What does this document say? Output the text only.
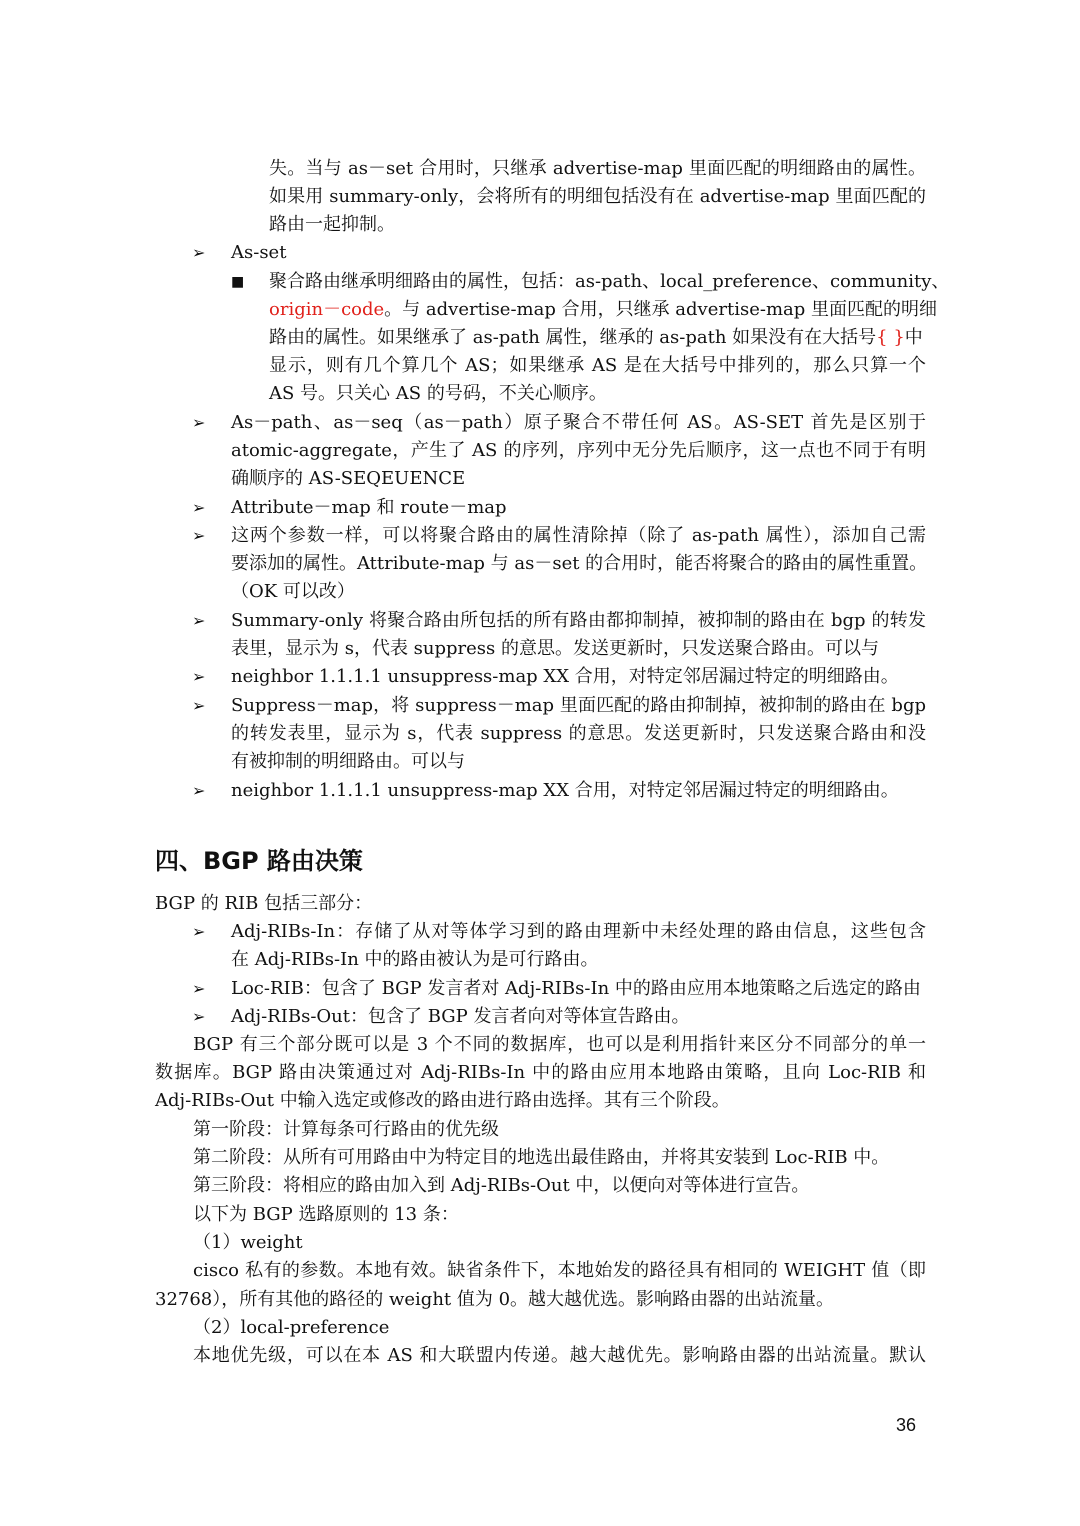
失。当与 as－set 合用时，只继承 advertise-map 里面匹配的明细路由的属性。
如果用 summary-only，会将所有的明细包括没有在 advertise-map 里面匹配的
路由一起抑制。
➢ As-set
■ 聚合路由继承明细路由的属性，包括：as-path、local_preference、community、
origin－code。与 advertise-map 合用，只继承 advertise-map 里面匹配的明细
路由的属性。如果继承了 as-path 属性，继承的 as-path 如果没有在大括号{ }中
显示，则有几个算几个 AS；如果继承 AS 是在大括号中排列的，那么只算一个
AS 号。只关心 AS 的号码，不关心顺序。
➢ As－path、as－seq（as－path）原子聚合不带任何 AS。AS-SET 首先是区别于
atomic-aggregate，产生了 AS 的序列，序列中无分先后顺序，这一点也不同于有明
确顺序的 AS-SEQEUENCE
➢ Attribute－map 和 route－map
➢ 这两个参数一样，可以将聚合路由的属性清除掉（除了 as-path 属性），添加自己需
要添加的属性。Attribute-map 与 as－set 的合用时，能否将聚合的路由的属性重置。
（OK 可以改）
➢ Summary-only 将聚合路由所包括的所有路由都抑制掉，被抑制的路由在 bgp 的转发
表里，显示为 s，代表 suppress 的意思。发送更新时，只发送聚合路由。可以与
➢ neighbor 1.1.1.1 unsuppress-map XX 合用，对特定邻居漏过特定的明细路由。
➢ Suppress－map，将 suppress－map 里面匹配的路由抑制掉，被抑制的路由在 bgp
的转发表里，显示为 s，代表 suppress 的意思。发送更新时，只发送聚合路由和没
有被抑制的明细路由。可以与
➢ neighbor 1.1.1.1 unsuppress-map XX 合用，对特定邻居漏过特定的明细路由。
四、BGP 路由决策
BGP 的 RIB 包括三部分：
➢ Adj-RIBs-In：存储了从对等体学习到的路由理新中未经处理的路由信息，这些包含
在 Adj-RIBs-In 中的路由被认为是可行路由。
➢ Loc-RIB：包含了 BGP 发言者对 Adj-RIBs-In 中的路由应用本地策略之后选定的路由
➢ Adj-RIBs-Out：包含了 BGP 发言者向对等体宣告路由。
BGP 有三个部分既可以是 3 个不同的数据库，也可以是利用指针来区分不同部分的单一
数据库。BGP 路由决策通过对 Adj-RIBs-In 中的路由应用本地路由策略，且向 Loc-RIB 和
Adj-RIBs-Out 中输入选定或修改的路由进行路由选择。其有三个阶段。
第一阶段：计算每条可行路由的优先级
第二阶段：从所有可用路由中为特定目的地选出最佳路由，并将其安装到 Loc-RIB 中。
第三阶段：将相应的路由加入到 Adj-RIBs-Out 中，以便向对等体进行宣告。
以下为 BGP 选路原则的 13 条：
（1）weight
cisco 私有的参数。本地有效。缺省条件下，本地始发的路径具有相同的 WEIGHT 值（即
32768），所有其他的路径的 weight 值为 0。越大越优选。影响路由器的出站流量。
（2）local-preference
本地优先级，可以在本 AS 和大联盟内传递。越大越优先。影响路由器的出站流量。默认
36
